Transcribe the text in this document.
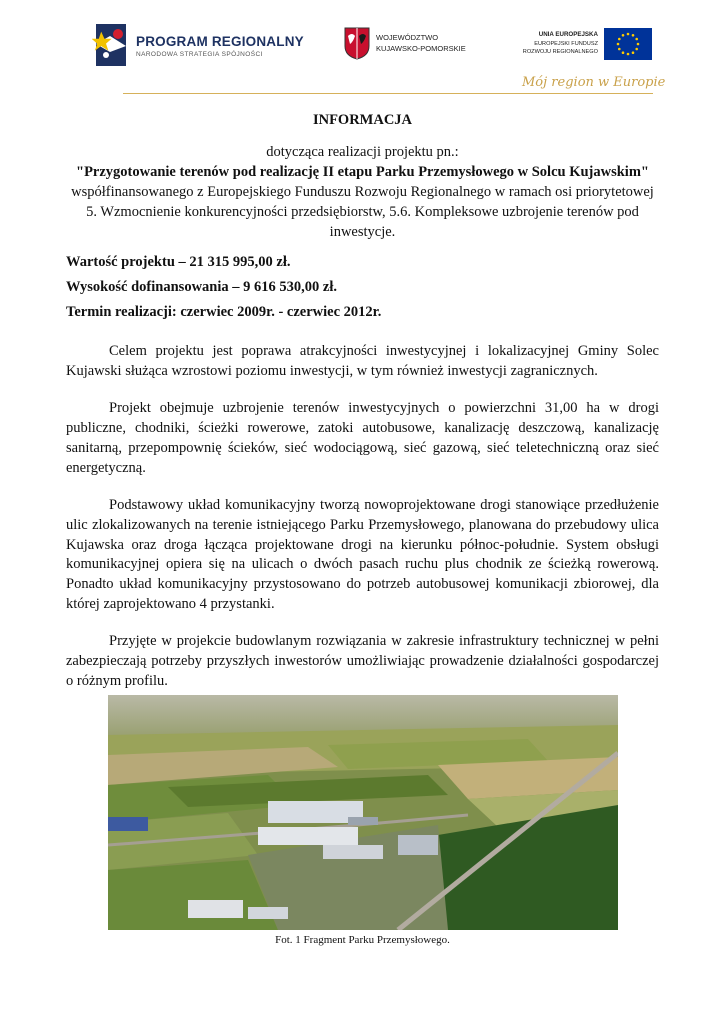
PROGRAM REGIONALNY
NARODOWA STRATEGIA SPÓJNOŚCI
WOJEWÓDZTWO
KUJAWSKO-POMORSKIE
UNIA EUROPEJSKA
EUROPEJSKI FUNDUSZ
ROZWOJU REGIONALNEGO
Mój region w Europie
INFORMACJA
dotycząca realizacji projektu pn.:
"Przygotowanie terenów pod realizację II etapu Parku Przemysłowego w Solcu Kujawskim"
współfinansowanego z Europejskiego Funduszu Rozwoju Regionalnego w ramach osi priorytetowej 5. Wzmocnienie konkurencyjności przedsiębiorstw, 5.6. Kompleksowe uzbrojenie terenów pod inwestycje.
Wartość projektu – 21 315 995,00 zł.
Wysokość dofinansowania – 9 616 530,00 zł.
Termin realizacji: czerwiec 2009r. - czerwiec 2012r.

Celem projektu jest poprawa atrakcyjności inwestycyjnej i lokalizacyjnej Gminy Solec Kujawski służąca wzrostowi poziomu inwestycji, w tym również inwestycji zagranicznych.

Projekt obejmuje uzbrojenie terenów inwestycyjnych o powierzchni 31,00 ha w drogi publiczne, chodniki, ścieżki rowerowe, zatoki autobusowe, kanalizację deszczową, kanalizację sanitarną, przepompownię ścieków, sieć wodociągową, sieć gazową, sieć teletechniczną oraz sieć energetyczną.

Podstawowy układ komunikacyjny tworzą nowoprojektowane drogi stanowiące przedłużenie ulic zlokalizowanych na terenie istniejącego Parku Przemysłowego, planowana do przebudowy ulica Kujawska oraz droga łącząca projektowane drogi na kierunku północ-południe. System obsługi komunikacyjnej opiera się na ulicach o dwóch pasach ruchu plus chodnik ze ścieżką rowerową. Ponadto układ komunikacyjny przystosowano do potrzeb autobusowej komunikacji zbiorowej, dla której zaprojektowano 4 przystanki.

Przyjęte w projekcie budowlanym rozwiązania w zakresie infrastruktury technicznej w pełni zabezpieczają potrzeby przyszłych inwestorów umożliwiając prowadzenie działalności gospodarczej o różnym profilu.

Fot. 1 Fragment Parku Przemysłowego.
